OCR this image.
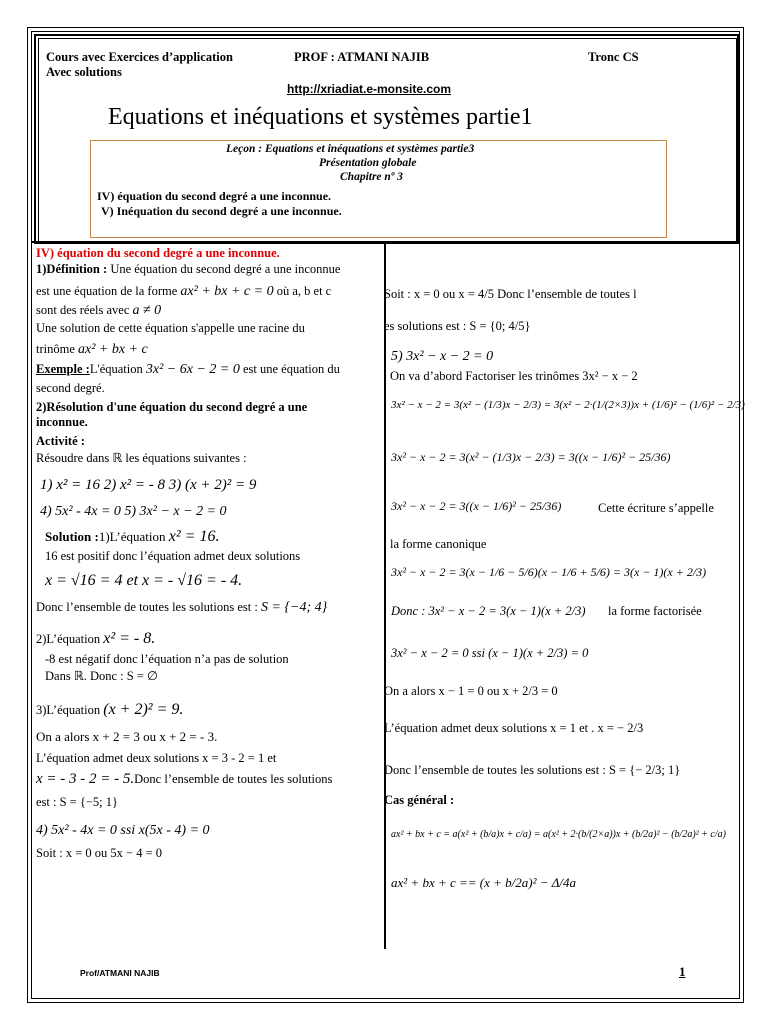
Cours avec Exercices d’application
Avec solutions
PROF : ATMANI NAJIB	Tronc CS
http://xriadiat.e-monsite.com
Equations et inéquations et systèmes partie1
Leçon : Equations et inéquations et systèmes partie3
Présentation globale
Chapitre nº 3
IV) équation du second degré a une inconnue.
V) Inéquation du second degré a une inconnue.
IV) équation du second degré a une inconnue.
1)Définition : Une équation du second degré a une inconnue
est une équation de la forme ax² + bx + c = 0 où a, b et c
sont des réels avec a ≠ 0
Une solution de cette équation s'appelle une racine du
trinôme ax² + bx + c
Exemple :L'équation 3x² − 6x − 2 = 0 est une équation du
second degré.
2)Résolution d'une équation du second degré a une
inconnue.
Activité :
Résoudre dans ℝ les équations suivantes :
1) x² = 16 2) x² = - 8 3) (x + 2)² = 9
4) 5x² - 4x = 0 5) 3x² − x − 2 = 0
Solution :1)L’équation x² = 16.
16 est positif donc l’équation admet deux solutions
x = √16 = 4 et x = - √16 = - 4.
Donc l’ensemble de toutes les solutions est : S = {−4; 4}
2)L’équation x² = - 8.
-8 est négatif donc l’équation n’a pas de solution
Dans ℝ. Donc : S = ∅
3)L’équation (x + 2)² = 9.
On a alors x + 2 = 3 ou x + 2 = - 3.
L’équation admet deux solutions x = 3 - 2 = 1 et
x = - 3 - 2 = - 5.Donc l’ensemble de toutes les solutions
est : S = {−5; 1}
4) 5x² - 4x = 0 ssi x(5x - 4) = 0
Soit : x = 0 ou 5x − 4 = 0
Soit : x = 0 ou x = 4/5 Donc l’ensemble de toutes l
es solutions est : S = {0; 4/5}
5) 3x² − x − 2 = 0
On va d’abord Factoriser les trinômes 3x² − x − 2
3x² − x − 2 = 3(x² − (1/3)x − 2/3) = 3(x² − 2·(1/(2×3))x + (1/6)² − (1/6)² − 2/3)
3x² − x − 2 = 3(x² − (1/3)x − 2/3) = 3((x − 1/6)² − 25/36)
3x² − x − 2 = 3((x − 1/6)² − 25/36)	Cette écriture s’appelle
la forme canonique
3x² − x − 2 = 3(x − 1/6 − 5/6)(x − 1/6 + 5/6) = 3(x − 1)(x + 2/3)
Donc : 3x² − x − 2 = 3(x − 1)(x + 2/3) la forme factorisée
3x² − x − 2 = 0 ssi (x − 1)(x + 2/3) = 0
On a alors x − 1 = 0 ou x + 2/3 = 0
L’équation admet deux solutions x = 1 et . x = − 2/3
Donc l’ensemble de toutes les solutions est : S = {− 2/3; 1}
Cas général :
ax² + bx + c = a(x² + (b/a)x + c/a) = a(x² + 2·(b/(2×a))x + (b/2a)² − (b/2a)² + c/a)
ax² + bx + c == (x + b/2a)² − Δ/4a
Prof/ATMANI NAJIB	1
